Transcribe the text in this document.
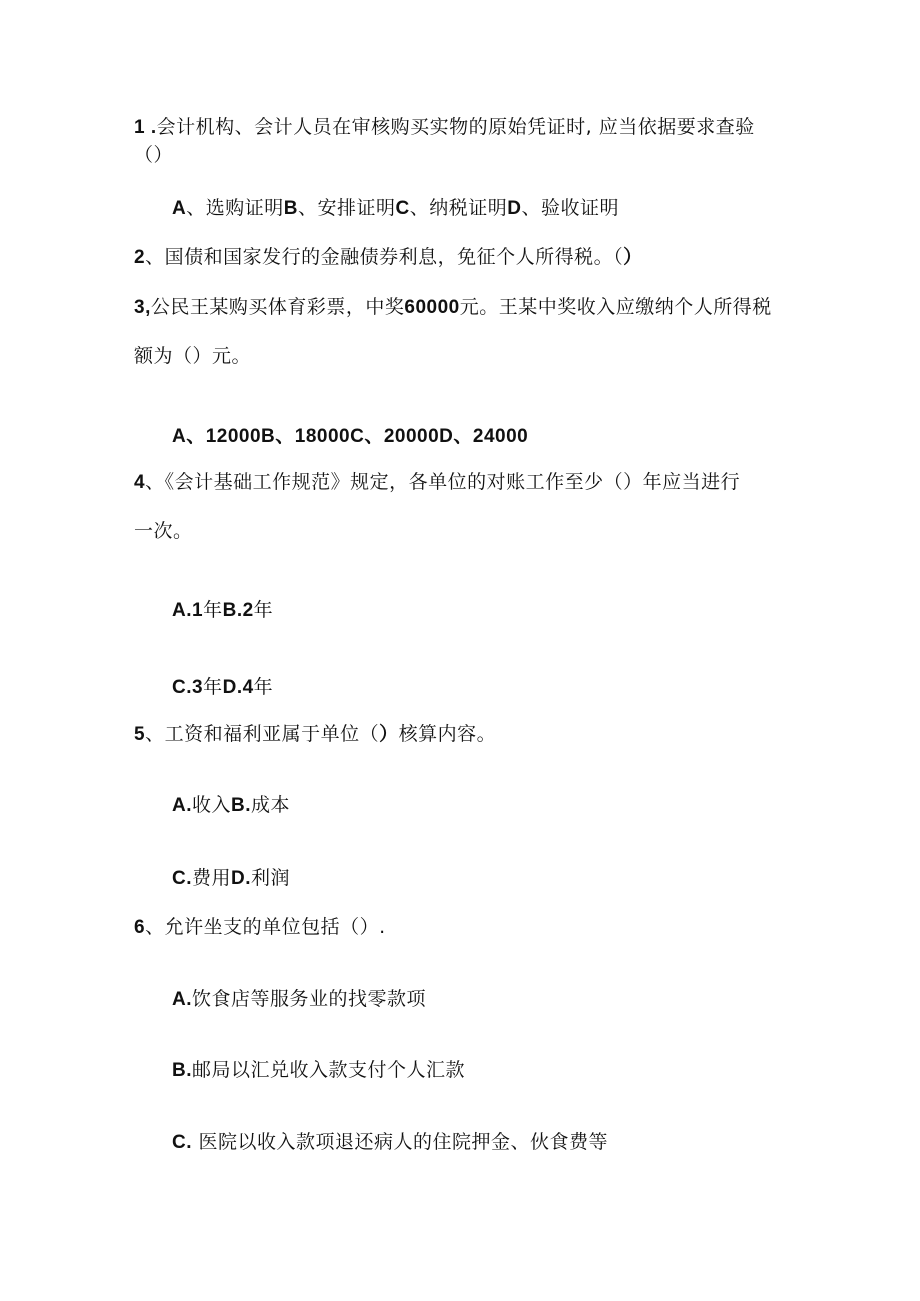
1 .会计机构、会计人员在审核购买实物的原始凭证时, 应当依据要求查验
（）
A、选购证明B、安排证明C、纳税证明D、验收证明
2、国债和国家发行的金融债券利息，免征个人所得税。（）
3,公民王某购买体育彩票，中奖60000元。王某中奖收入应缴纳个人所得税
额为（）元。
A、12000B、18000C、20000D、24000
4、《会计基础工作规范》规定，各单位的对账工作至少（）年应当进行
一次。
A.1年B.2年
C.3年D.4年
5、工资和福利亚属于单位（）核算内容。
A.收入B.成本
C.费用D.利润
6、允许坐支的单位包括（）.
A.饮食店等服务业的找零款项
B.邮局以汇兑收入款支付个人汇款
C. 医院以收入款项退还病人的住院押金、伙食费等
